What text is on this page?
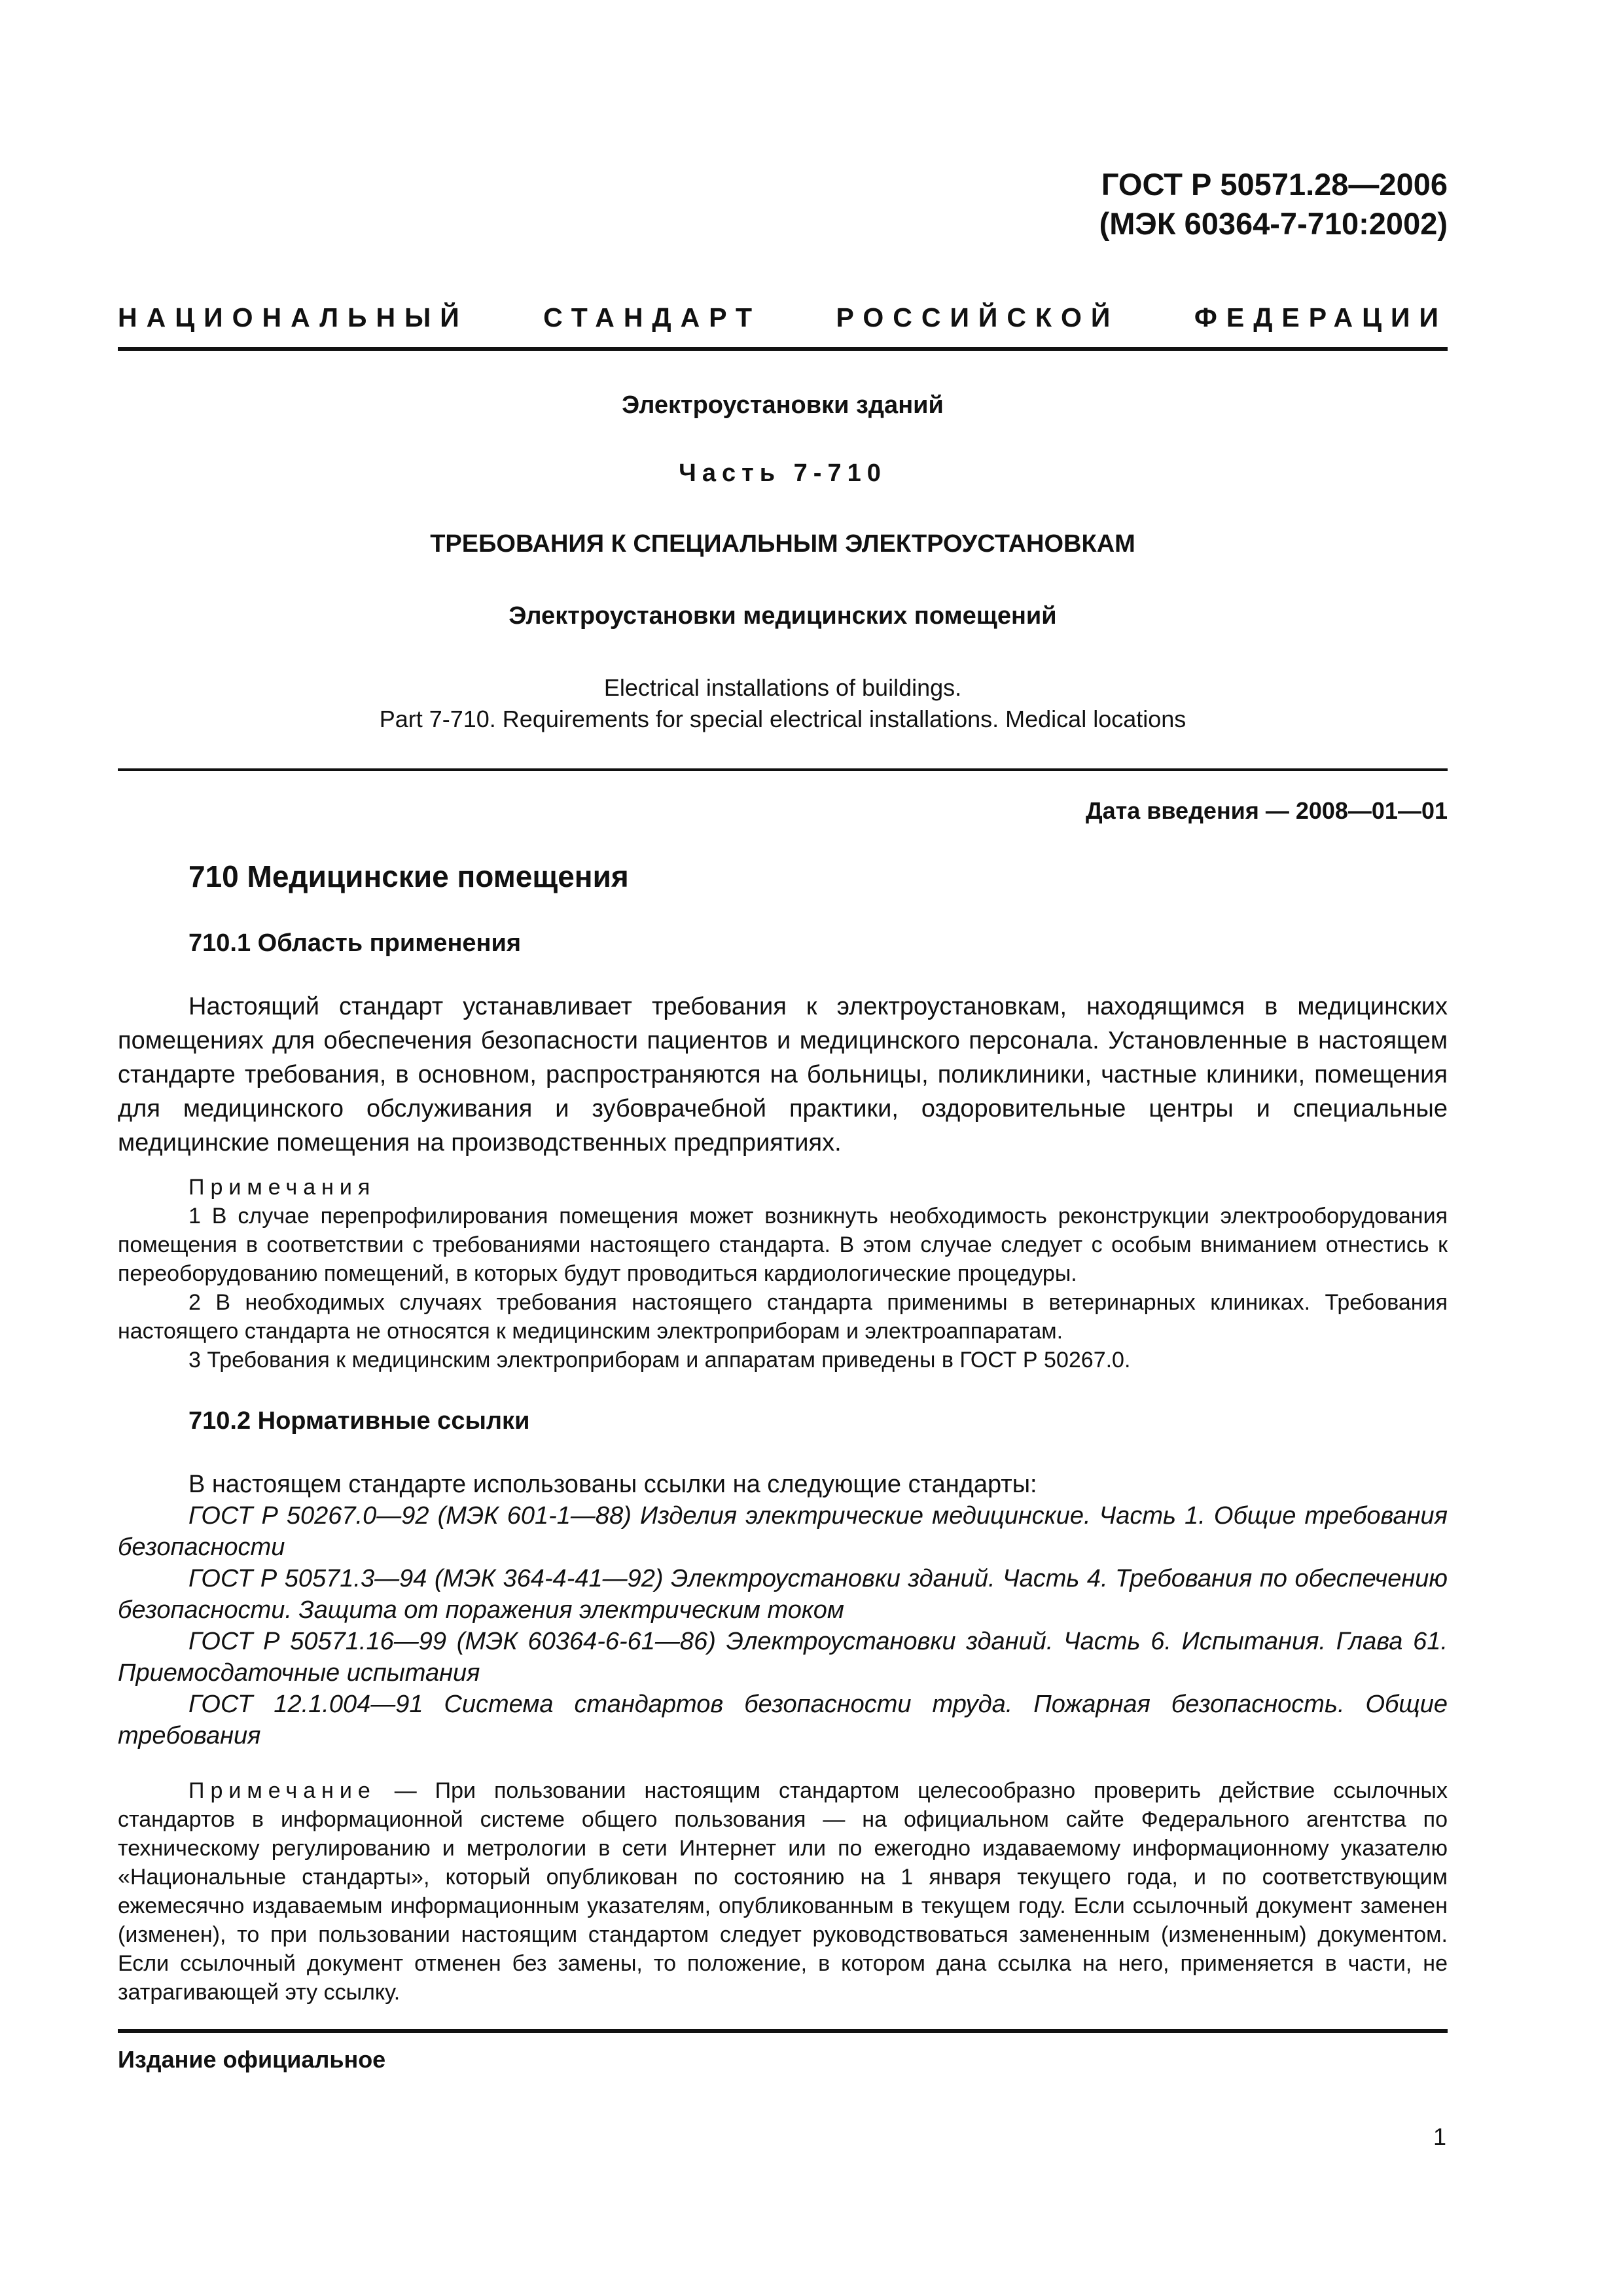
ГОСТ Р 50571.28—2006
(МЭК 60364-7-710:2002)
НАЦИОНАЛЬНЫЙ	СТАНДАРТ	РОССИЙСКОЙ	ФЕДЕРАЦИИ
Электроустановки зданий
Часть 7-710
ТРЕБОВАНИЯ К СПЕЦИАЛЬНЫМ ЭЛЕКТРОУСТАНОВКАМ
Электроустановки медицинских помещений
Electrical installations of buildings.
Part 7-710. Requirements for special electrical installations. Medical locations
Дата введения — 2008—01—01
710 Медицинские помещения
710.1 Область применения

Настоящий стандарт устанавливает требования к электроустановкам, находящимся в медицинских помещениях для обеспечения безопасности пациентов и медицинского персонала. Установленные в настоящем стандарте требования, в основном, распространяются на больницы, поликлиники, частные клиники, помещения для медицинского обслуживания и зубоврачебной практики, оздоровительные центры и специальные медицинские помещения на производственных предприятиях.

Примечания

1 В случае перепрофилирования помещения может возникнуть необходимость реконструкции электрооборудования помещения в соответствии с требованиями настоящего стандарта. В этом случае следует с особым вниманием отнестись к переоборудованию помещений, в которых будут проводиться кардиологические процедуры.

2 В необходимых случаях требования настоящего стандарта применимы в ветеринарных клиниках. Требования настоящего стандарта не относятся к медицинским электроприборам и электроаппаратам.

3 Требования к медицинским электроприборам и аппаратам приведены в ГОСТ Р 50267.0.

710.2 Нормативные ссылки

В настоящем стандарте использованы ссылки на следующие стандарты:

ГОСТ Р 50267.0—92 (МЭК 601-1—88) Изделия электрические медицинские. Часть 1. Общие требования безопасности

ГОСТ Р 50571.3—94 (МЭК 364-4-41—92) Электроустановки зданий. Часть 4. Требования по обеспечению безопасности. Защита от поражения электрическим током

ГОСТ Р 50571.16—99 (МЭК 60364-6-61—86) Электроустановки зданий. Часть 6. Испытания. Глава 61. Приемосдаточные испытания

ГОСТ 12.1.004—91 Система стандартов безопасности труда. Пожарная безопасность. Общие требования

Примечание — При пользовании настоящим стандартом целесообразно проверить действие ссылочных стандартов в информационной системе общего пользования — на официальном сайте Федерального агентства по техническому регулированию и метрологии в сети Интернет или по ежегодно издаваемому информационному указателю «Национальные стандарты», который опубликован по состоянию на 1 января текущего года, и по соответствующим ежемесячно издаваемым информационным указателям, опубликованным в текущем году. Если ссылочный документ заменен (изменен), то при пользовании настоящим стандартом следует руководствоваться замененным (измененным) документом. Если ссылочный документ отменен без замены, то положение, в котором дана ссылка на него, применяется в части, не затрагивающей эту ссылку.

Издание официальное
1
